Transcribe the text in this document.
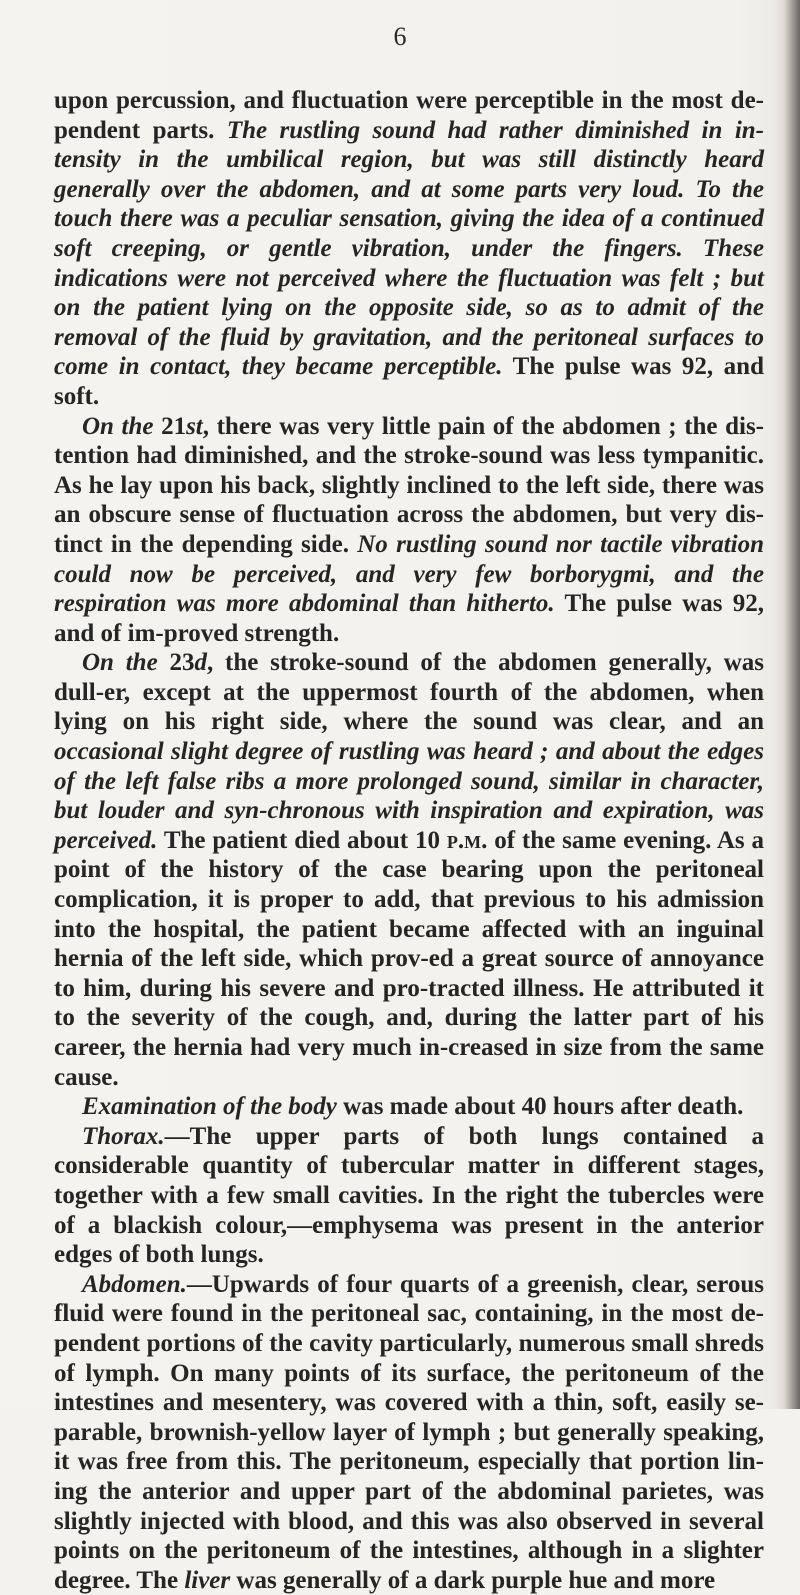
6

upon percussion, and fluctuation were perceptible in the most de-pendent parts. The rustling sound had rather diminished in in-tensity in the umbilical region, but was still distinctly heard generally over the abdomen, and at some parts very loud. To the touch there was a peculiar sensation, giving the idea of a continued soft creeping, or gentle vibration, under the fingers. These indications were not perceived where the fluctuation was felt ; but on the patient lying on the opposite side, so as to admit of the removal of the fluid by gravitation, and the peritoneal surfaces to come in contact, they became perceptible. The pulse was 92, and soft.

On the 21st, there was very little pain of the abdomen ; the dis-tention had diminished, and the stroke-sound was less tympanitic. As he lay upon his back, slightly inclined to the left side, there was an obscure sense of fluctuation across the abdomen, but very dis-tinct in the depending side. No rustling sound nor tactile vibration could now be perceived, and very few borborygmi, and the respiration was more abdominal than hitherto. The pulse was 92, and of im-proved strength.

On the 23d, the stroke-sound of the abdomen generally, was dull-er, except at the uppermost fourth of the abdomen, when lying on his right side, where the sound was clear, and an occasional slight degree of rustling was heard ; and about the edges of the left false ribs a more prolonged sound, similar in character, but louder and syn-chronous with inspiration and expiration, was perceived. The patient died about 10 p.m. of the same evening. As a point of the history of the case bearing upon the peritoneal complication, it is proper to add, that previous to his admission into the hospital, the patient became affected with an inguinal hernia of the left side, which prov-ed a great source of annoyance to him, during his severe and pro-tracted illness. He attributed it to the severity of the cough, and, during the latter part of his career, the hernia had very much in-creased in size from the same cause.

Examination of the body was made about 40 hours after death.

Thorax.—The upper parts of both lungs contained a considerable quantity of tubercular matter in different stages, together with a few small cavities. In the right the tubercles were of a blackish colour,—emphysema was present in the anterior edges of both lungs.

Abdomen.—Upwards of four quarts of a greenish, clear, serous fluid were found in the peritoneal sac, containing, in the most de-pendent portions of the cavity particularly, numerous small shreds of lymph. On many points of its surface, the peritoneum of the intestines and mesentery, was covered with a thin, soft, easily se-parable, brownish-yellow layer of lymph ; but generally speaking, it was free from this. The peritoneum, especially that portion lin-ing the anterior and upper part of the abdominal parietes, was slightly injected with blood, and this was also observed in several points on the peritoneum of the intestines, although in a slighter degree. The liver was generally of a dark purple hue and more
